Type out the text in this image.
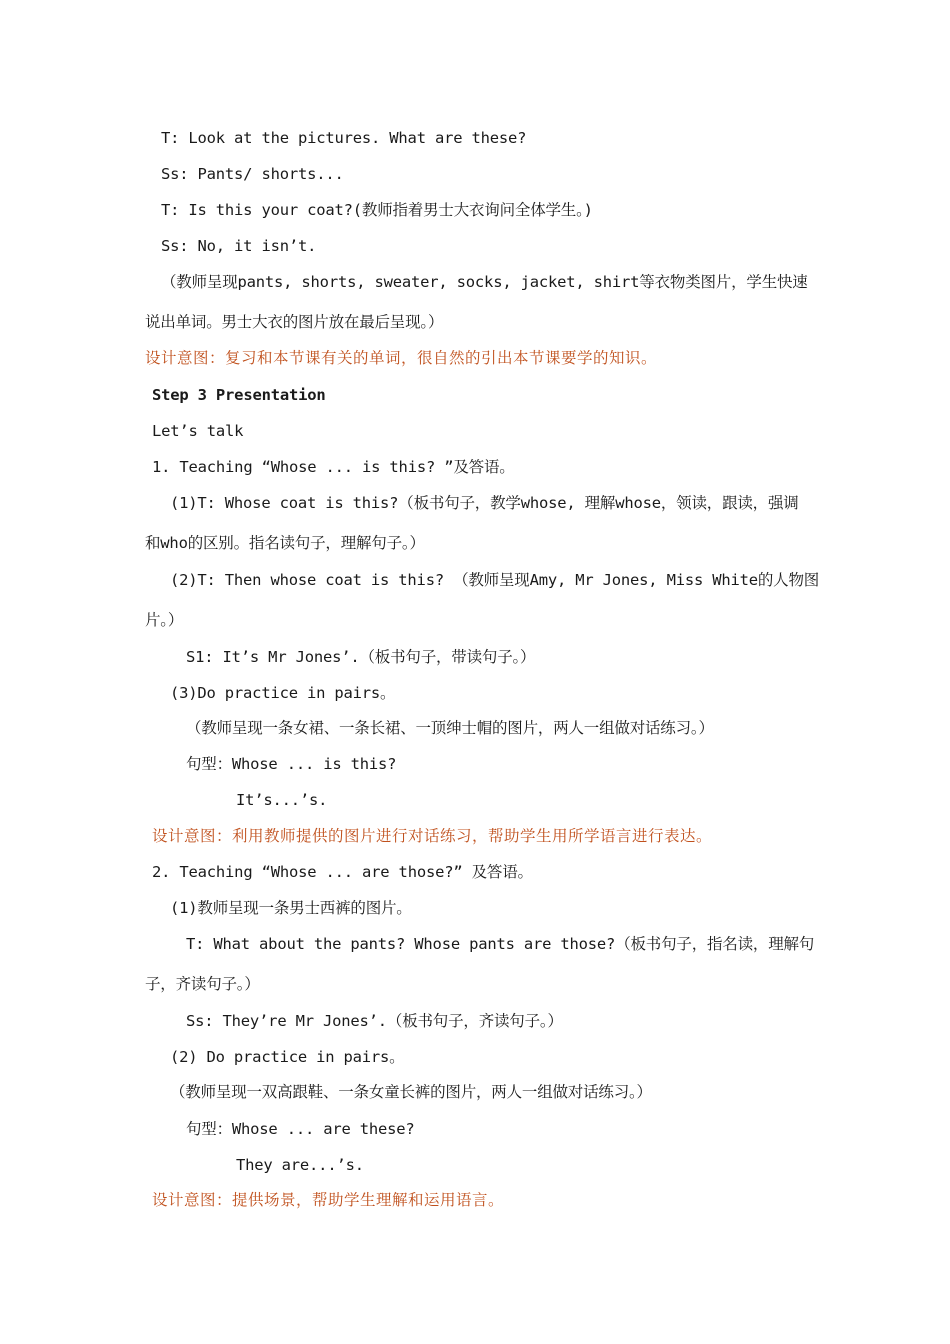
T: Look at the pictures. What are these?
Ss: Pants/ shorts...
T: Is this your coat?(教师指着男士大衣询问全体学生。)
Ss: No, it isn’t.
（教师呈现pants, shorts, sweater, socks, jacket, shirt等衣物类图片，学生快速
说出单词。男士大衣的图片放在最后呈现。）
设计意图：复习和本节课有关的单词，很自然的引出本节课要学的知识。
Step 3 Presentation
Let’s talk
1. Teaching “Whose ... is this? ”及答语。
(1)T: Whose coat is this?（板书句子，教学whose, 理解whose，领读，跟读，强调
和who的区别。指名读句子，理解句子。）
(2)T: Then whose coat is this? （教师呈现Amy, Mr Jones, Miss White的人物图
片。）
S1: It’s Mr Jones’.（板书句子，带读句子。）
(3)Do practice in pairs。
（教师呈现一条女裙、一条长裙、一顶绅士帽的图片，两人一组做对话练习。）
句型：Whose ... is this?
It’s...’s.
设计意图：利用教师提供的图片进行对话练习，帮助学生用所学语言进行表达。
2. Teaching “Whose ... are those?” 及答语。
(1)教师呈现一条男士西裤的图片。
T: What about the pants? Whose pants are those?（板书句子，指名读，理解句
子，齐读句子。）
Ss: They’re Mr Jones’.（板书句子，齐读句子。）
(2) Do practice in pairs。
（教师呈现一双高跟鞋、一条女童长裤的图片，两人一组做对话练习。）
句型：Whose ... are these?
They are...’s.
设计意图：提供场景，帮助学生理解和运用语言。
